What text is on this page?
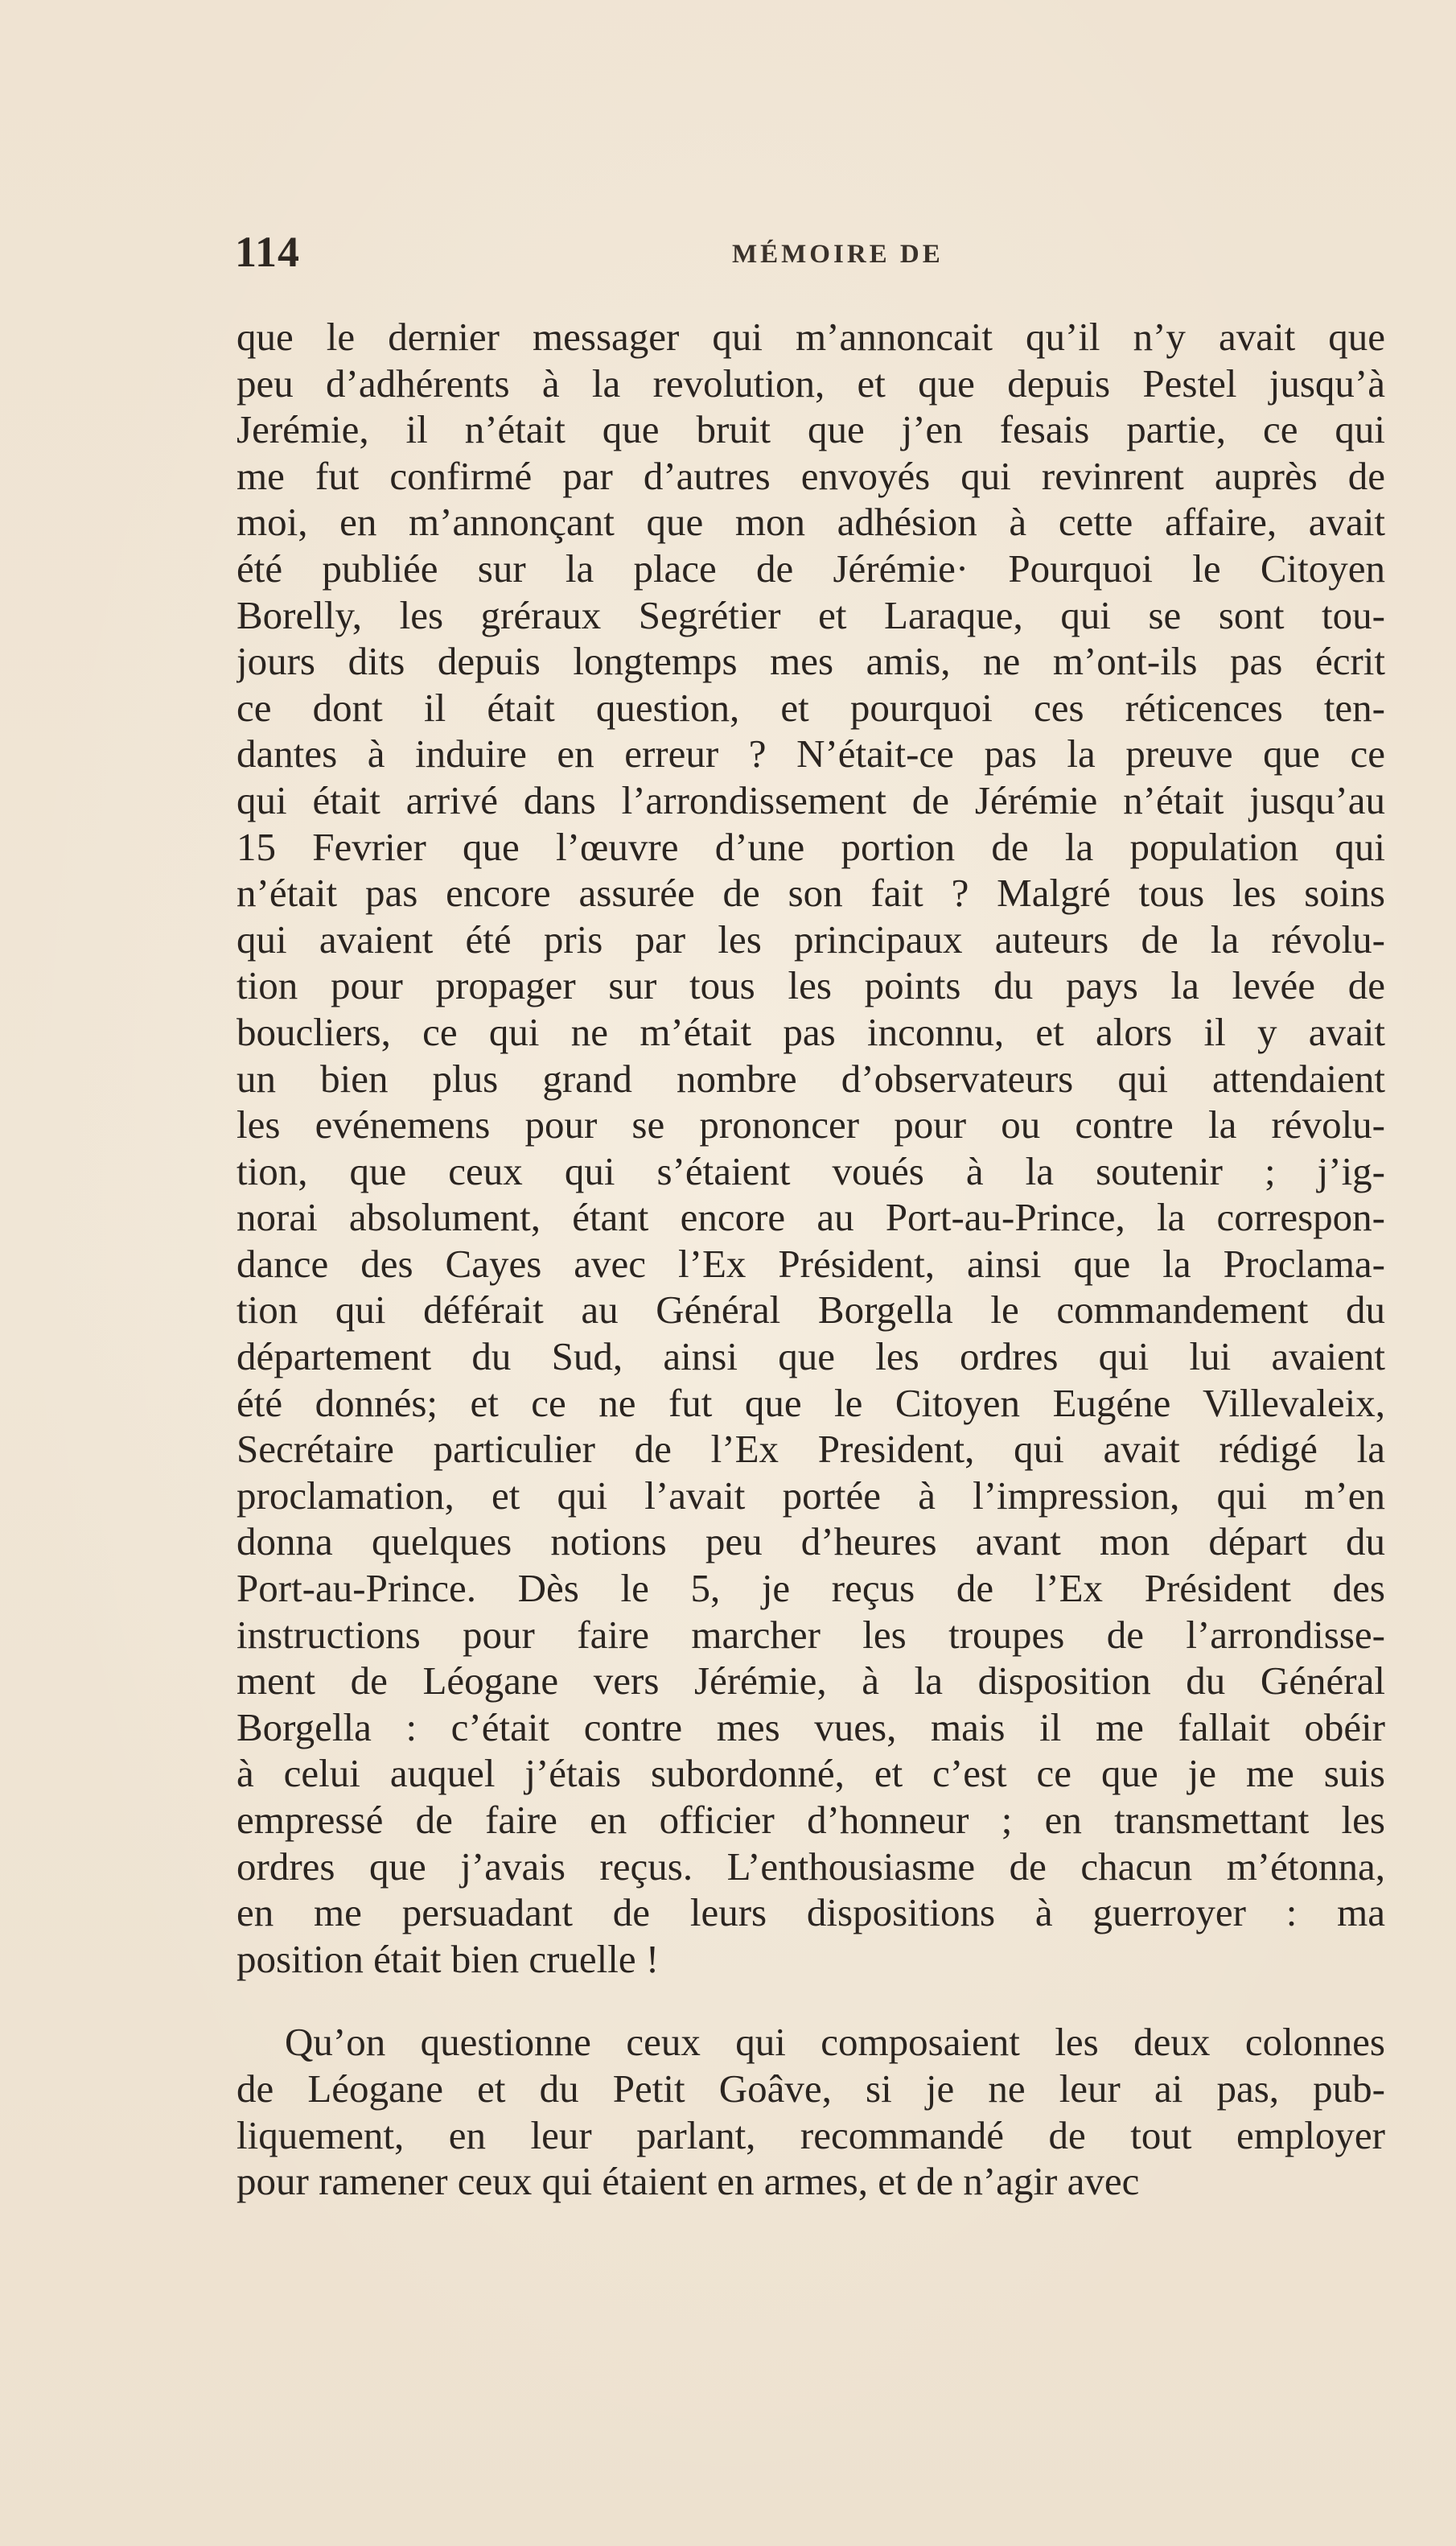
114	MÉMOIRE DE
que le dernier messager qui m’annoncait qu’il n’y avait que
peu d’adhérents à la revolution, et que depuis Pestel jusqu’à
Jerémie, il n’était que bruit que j’en fesais partie, ce qui
me fut confirmé par d’autres envoyés qui revinrent auprès de
moi, en m’annonçant que mon adhésion à cette affaire, avait
été publiée sur la place de Jérémie· Pourquoi le Citoyen
Borelly, les gréraux Segrétier et Laraque, qui se sont tou-
jours dits depuis longtemps mes amis, ne m’ont-ils pas écrit
ce dont il était question, et pourquoi ces réticences ten-
dantes à induire en erreur ? N’était-ce pas la preuve que ce
qui était arrivé dans l’arrondissement de Jérémie n’était jusqu’au
15 Fevrier que l’œuvre d’une portion de la population qui
n’était pas encore assurée de son fait ? Malgré tous les soins
qui avaient été pris par les principaux auteurs de la révolu-
tion pour propager sur tous les points du pays la levée de
boucliers, ce qui ne m’était pas inconnu, et alors il y avait
un bien plus grand nombre d’observateurs qui attendaient
les evénemens pour se prononcer pour ou contre la révolu-
tion, que ceux qui s’étaient voués à la soutenir ; j’ig-
norai absolument, étant encore au Port-au-Prince, la correspon-
dance des Cayes avec l’Ex Président, ainsi que la Proclama-
tion qui déférait au Général Borgella le commandement du
département du Sud, ainsi que les ordres qui lui avaient
été donnés; et ce ne fut que le Citoyen Eugéne Villevaleix,
Secrétaire particulier de l’Ex President, qui avait rédigé la
proclamation, et qui l’avait portée à l’impression, qui m’en
donna quelques notions peu d’heures avant mon départ du
Port-au-Prince. Dès le 5, je reçus de l’Ex Président des
instructions pour faire marcher les troupes de l’arrondisse-
ment de Léogane vers Jérémie, à la disposition du Général
Borgella : c’était contre mes vues, mais il me fallait obéir
à celui auquel j’étais subordonné, et c’est ce que je me suis
empressé de faire en officier d’honneur ; en transmettant les
ordres que j’avais reçus. L’enthousiasme de chacun m’étonna,
en me persuadant de leurs dispositions à guerroyer : ma
position était bien cruelle !
Qu’on questionne ceux qui composaient les deux colonnes
de Léogane et du Petit Goâve, si je ne leur ai pas, pub-
liquement, en leur parlant, recommandé de tout employer
pour ramener ceux qui étaient en armes, et de n’agir avec
